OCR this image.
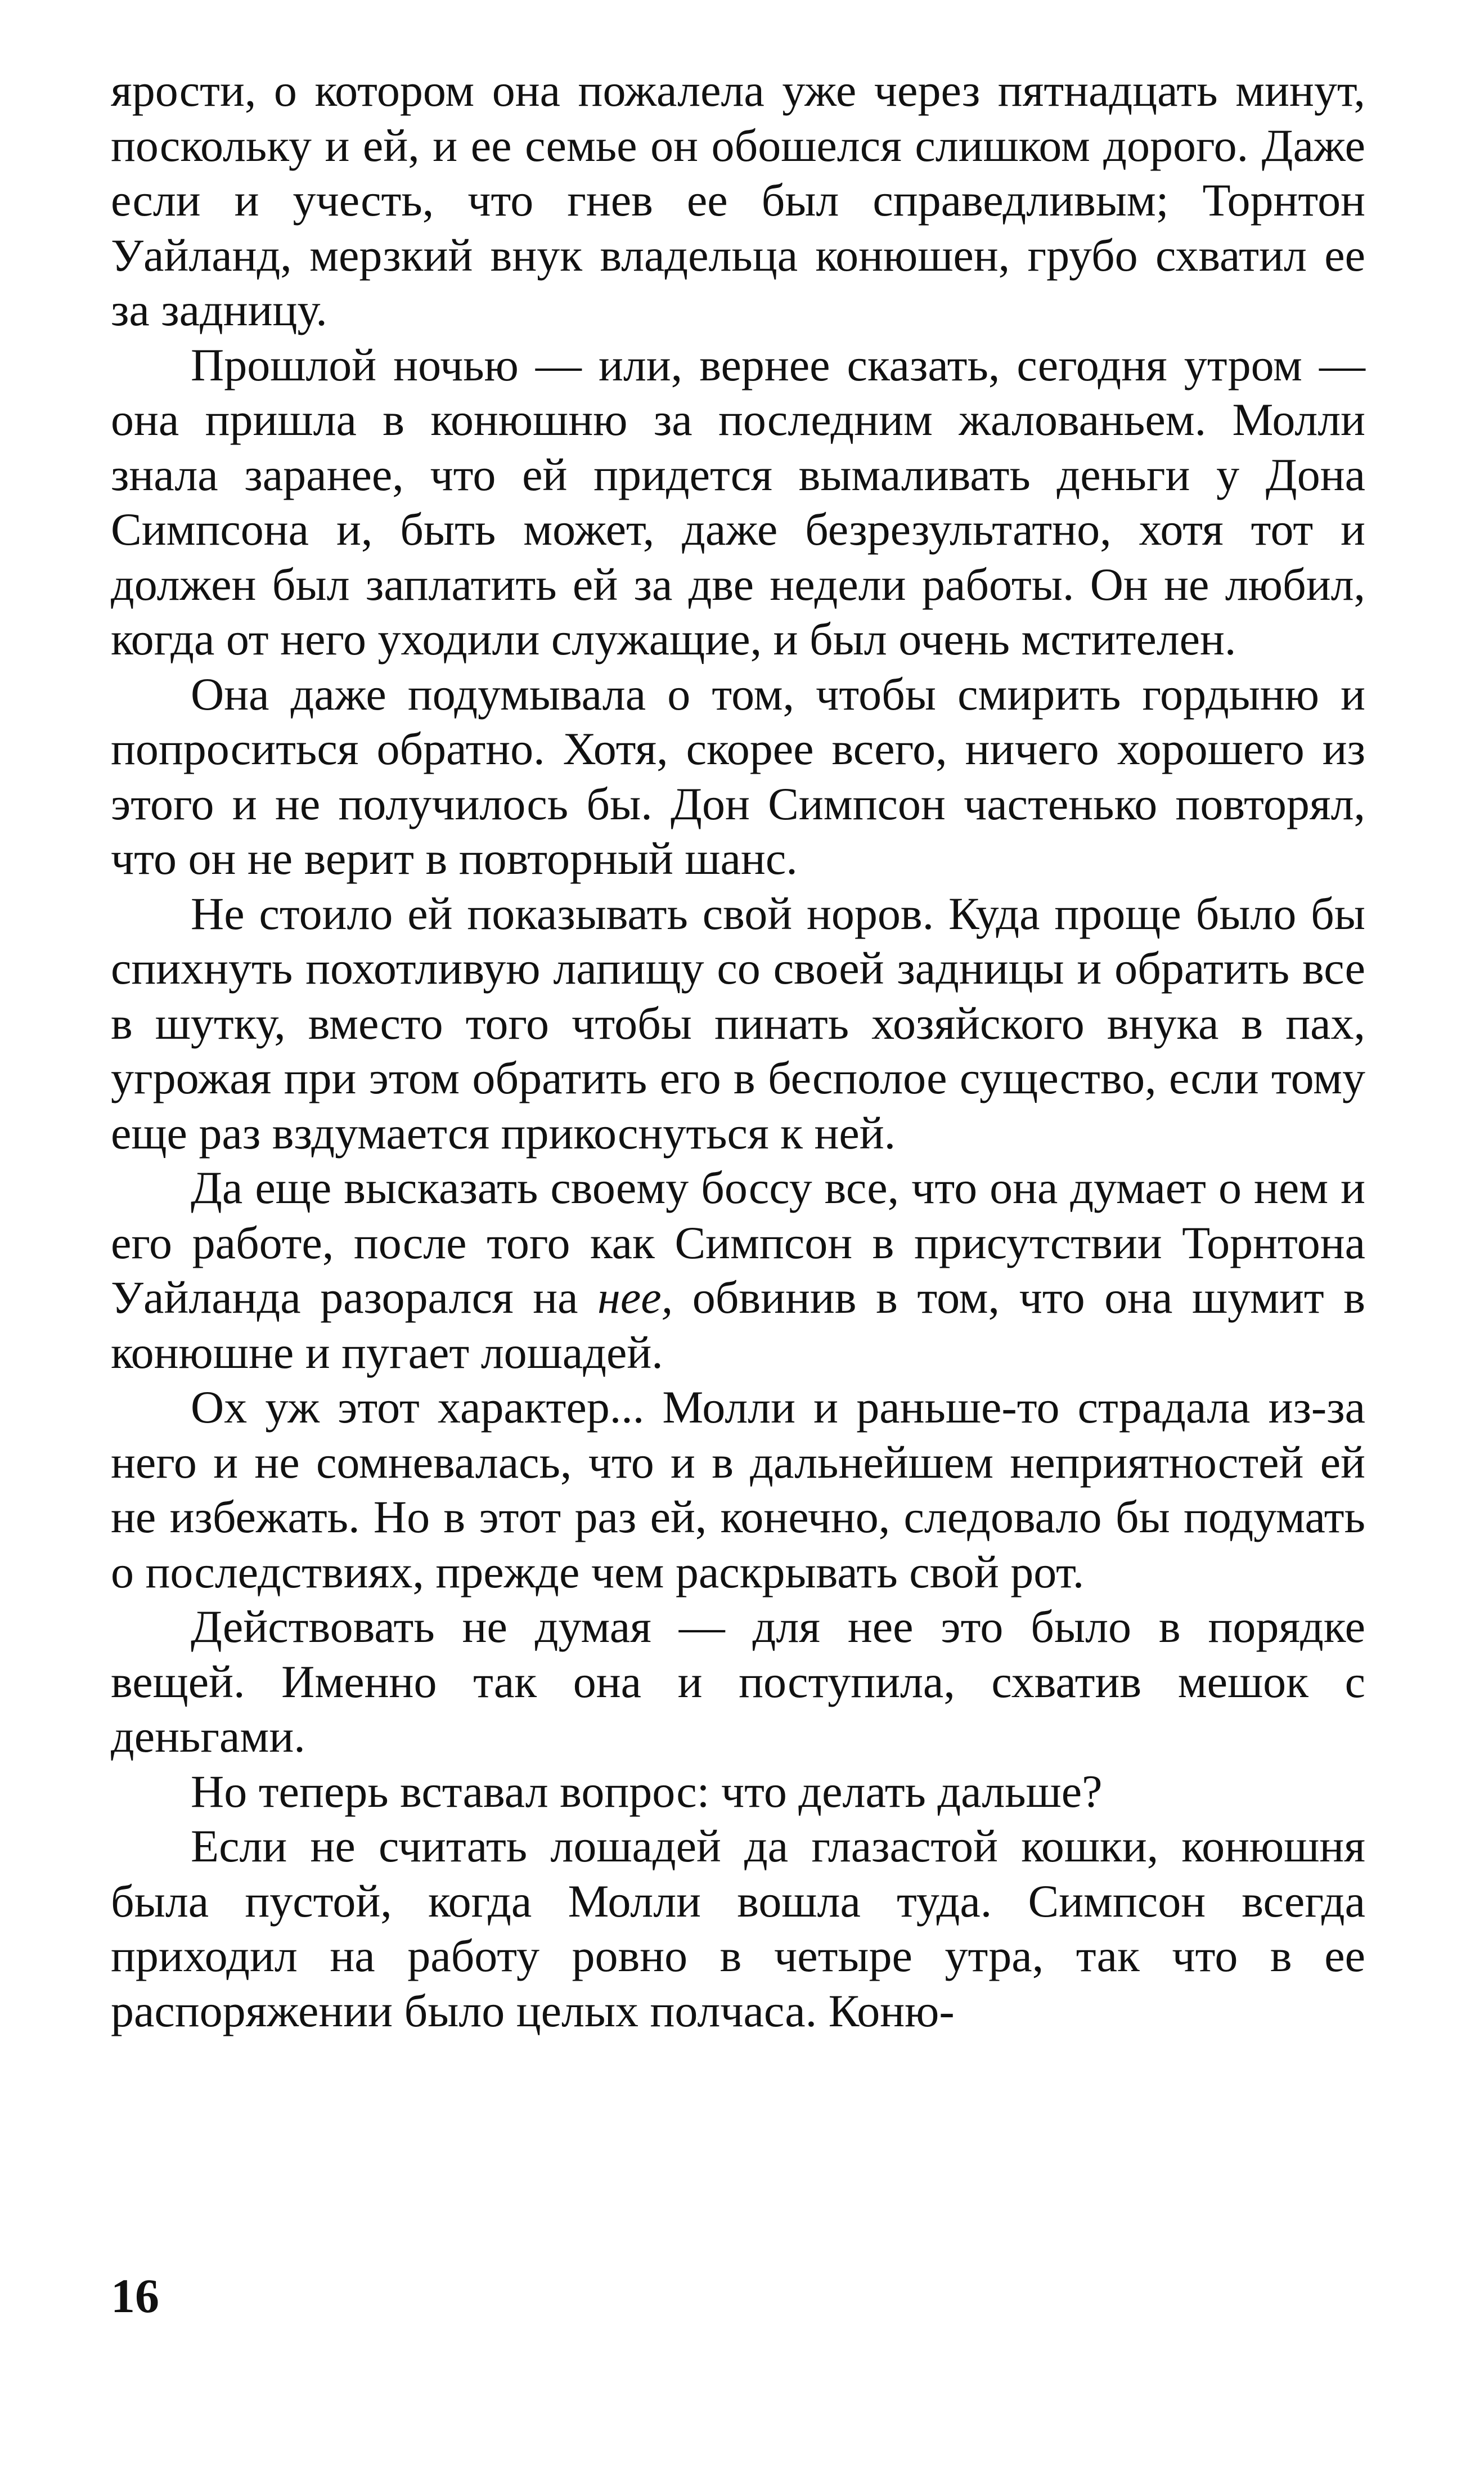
ярости, о котором она пожалела уже через пятнадцать минут, поскольку и ей, и ее семье он обошелся слишком дорого. Даже если и учесть, что гнев ее был справедливым; Торнтон Уайланд, мерзкий внук владельца конюшен, грубо схватил ее за задницу.

Прошлой ночью — или, вернее сказать, сегодня утром — она пришла в конюшню за последним жалованьем. Молли знала заранее, что ей придется вымаливать деньги у Дона Симпсона и, быть может, даже безрезультатно, хотя тот и должен был заплатить ей за две недели работы. Он не любил, когда от него уходили служащие, и был очень мстителен.

Она даже подумывала о том, чтобы смирить гордыню и попроситься обратно. Хотя, скорее всего, ничего хорошего из этого и не получилось бы. Дон Симпсон частенько повторял, что он не верит в повторный шанс.

Не стоило ей показывать свой норов. Куда проще было бы спихнуть похотливую лапищу со своей задницы и обратить все в шутку, вместо того чтобы пинать хозяйского внука в пах, угрожая при этом обратить его в бесполое существо, если тому еще раз вздумается прикоснуться к ней.

Да еще высказать своему боссу все, что она думает о нем и его работе, после того как Симпсон в присутствии Торнтона Уайланда разорался на нее, обвинив в том, что она шумит в конюшне и пугает лошадей.

Ох уж этот характер... Молли и раньше-то страдала из-за него и не сомневалась, что и в дальнейшем неприятностей ей не избежать. Но в этот раз ей, конечно, следовало бы подумать о последствиях, прежде чем раскрывать свой рот.

Действовать не думая — для нее это было в порядке вещей. Именно так она и поступила, схватив мешок с деньгами.

Но теперь вставал вопрос: что делать дальше?

Если не считать лошадей да глазастой кошки, конюшня была пустой, когда Молли вошла туда. Симпсон всегда приходил на работу ровно в четыре утра, так что в ее распоряжении было целых полчаса. Коню-

16
